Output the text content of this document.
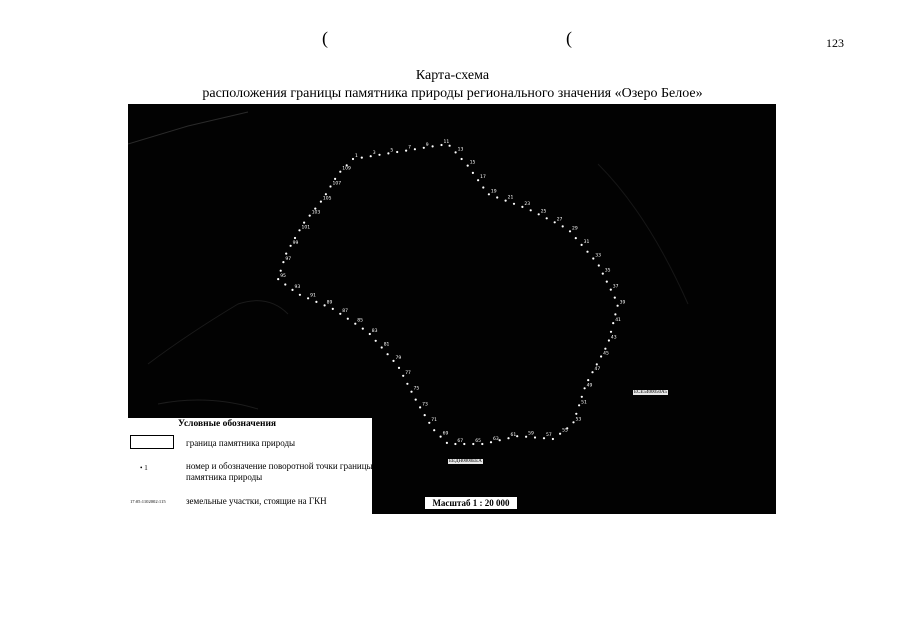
123
(	(
Карта-схема
расположения границы памятника природы регионального значения «Озеро Белое»
1
3
5
7
9
11
13
15
17
19
21
23
25
27
29
31
33
35
37
39
41
43
45
47
49
51
53
55
57
59
61
63
65
67
69
71
73
75
77
79
81
83
85
87
89
91
93
95
97
99
101
103
105
107
109
ЕСЕ5400050А5
ЕЕДН0000ЕЕА
Условные обозначения
граница памятника природы
• 1	номер и обозначение поворотной точки границы памятника природы
17:05:1102002:115 земельные участки, стоящие на ГКН	Масштаб 1 : 20 000
